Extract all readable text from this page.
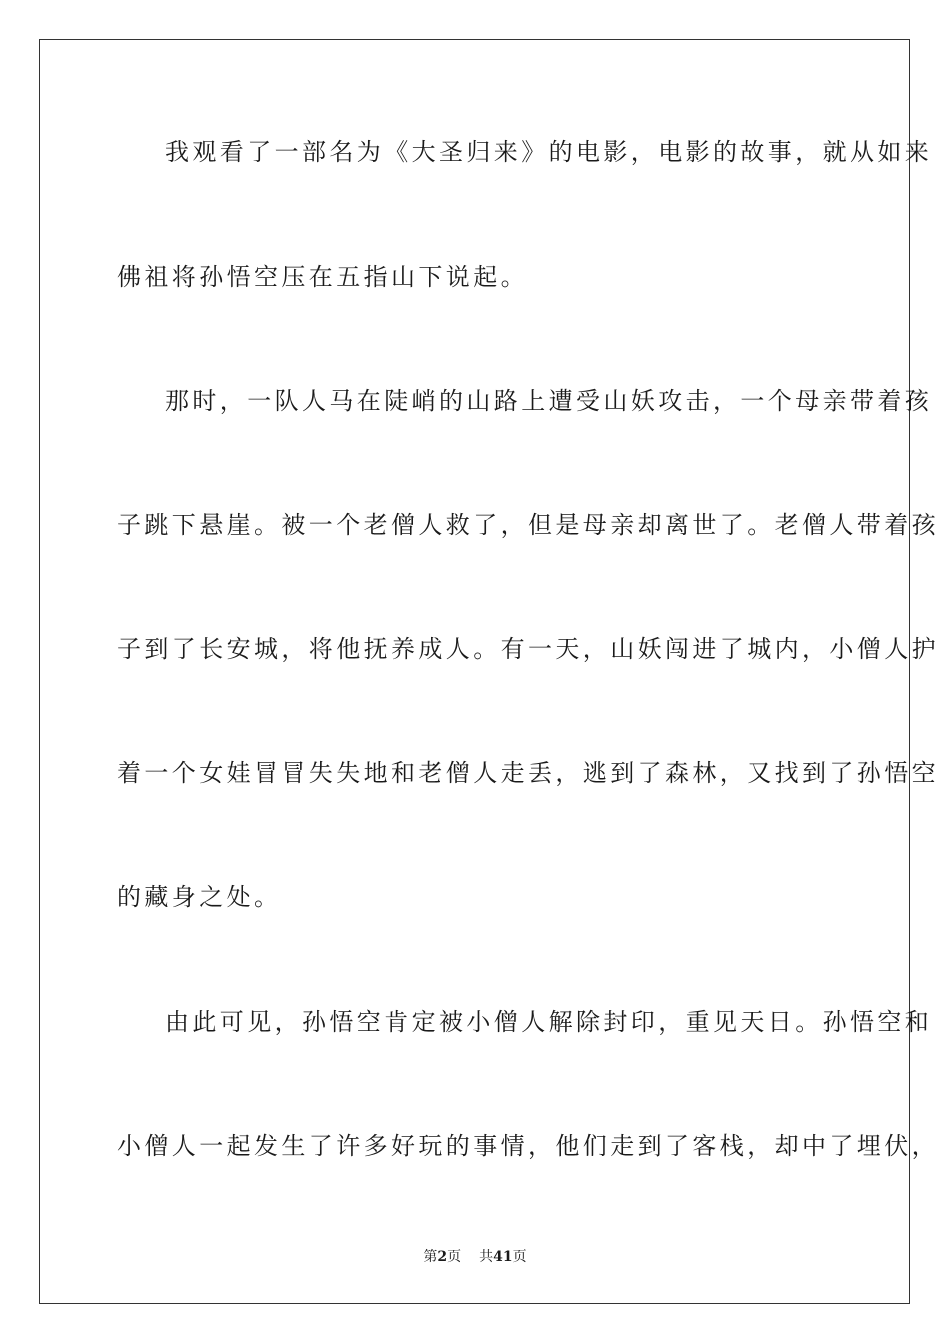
我观看了一部名为《大圣归来》的电影，电影的故事，就从如来
佛祖将孙悟空压在五指山下说起。
那时，一队人马在陡峭的山路上遭受山妖攻击，一个母亲带着孩
子跳下悬崖。被一个老僧人救了，但是母亲却离世了。老僧人带着孩
子到了长安城，将他抚养成人。有一天，山妖闯进了城内，小僧人护
着一个女娃冒冒失失地和老僧人走丢，逃到了森林，又找到了孙悟空
的藏身之处。
由此可见，孙悟空肯定被小僧人解除封印，重见天日。孙悟空和
小僧人一起发生了许多好玩的事情，他们走到了客栈，却中了埋伏，
第2页 共41页
